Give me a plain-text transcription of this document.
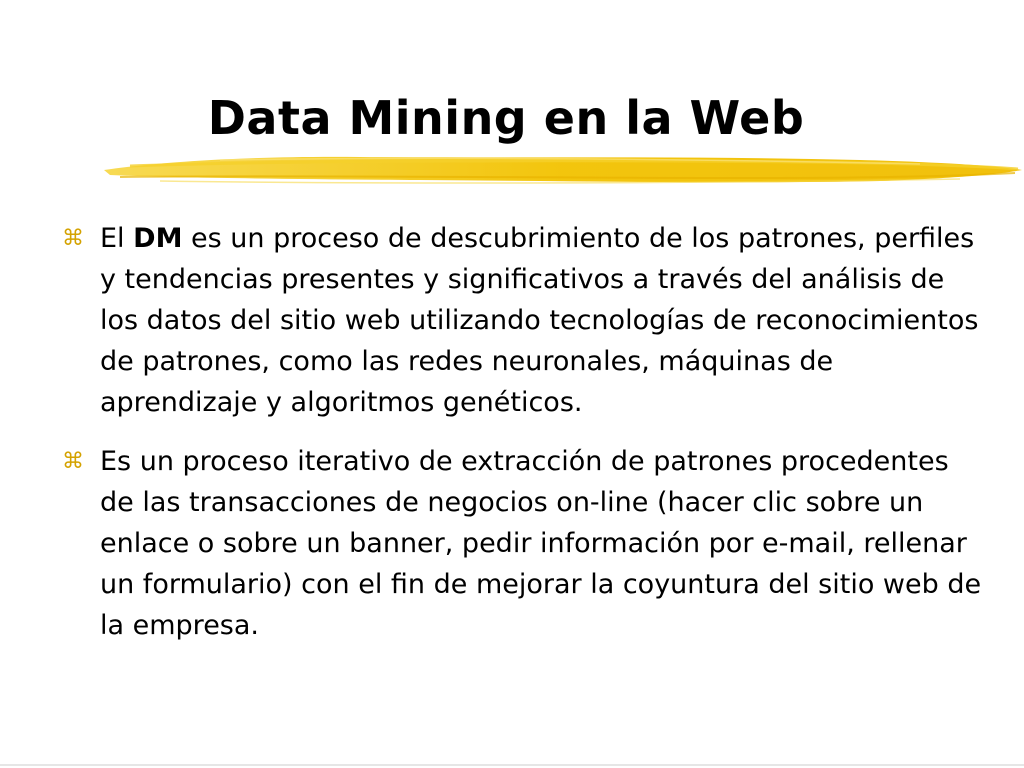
Data Mining en la Web
⌘ El DM es un proceso de descubrimiento de los patrones, perfiles y tendencias presentes y significativos a través del análisis de los datos del sitio web utilizando tecnologías de reconocimientos de patrones, como las redes neuronales, máquinas de aprendizaje y algoritmos genéticos.
⌘ Es un proceso iterativo de extracción de patrones procedentes de las transacciones de negocios on-line (hacer clic sobre un enlace o sobre un banner, pedir información por e-mail, rellenar un formulario) con el fin de mejorar la coyuntura del sitio web de la empresa.
